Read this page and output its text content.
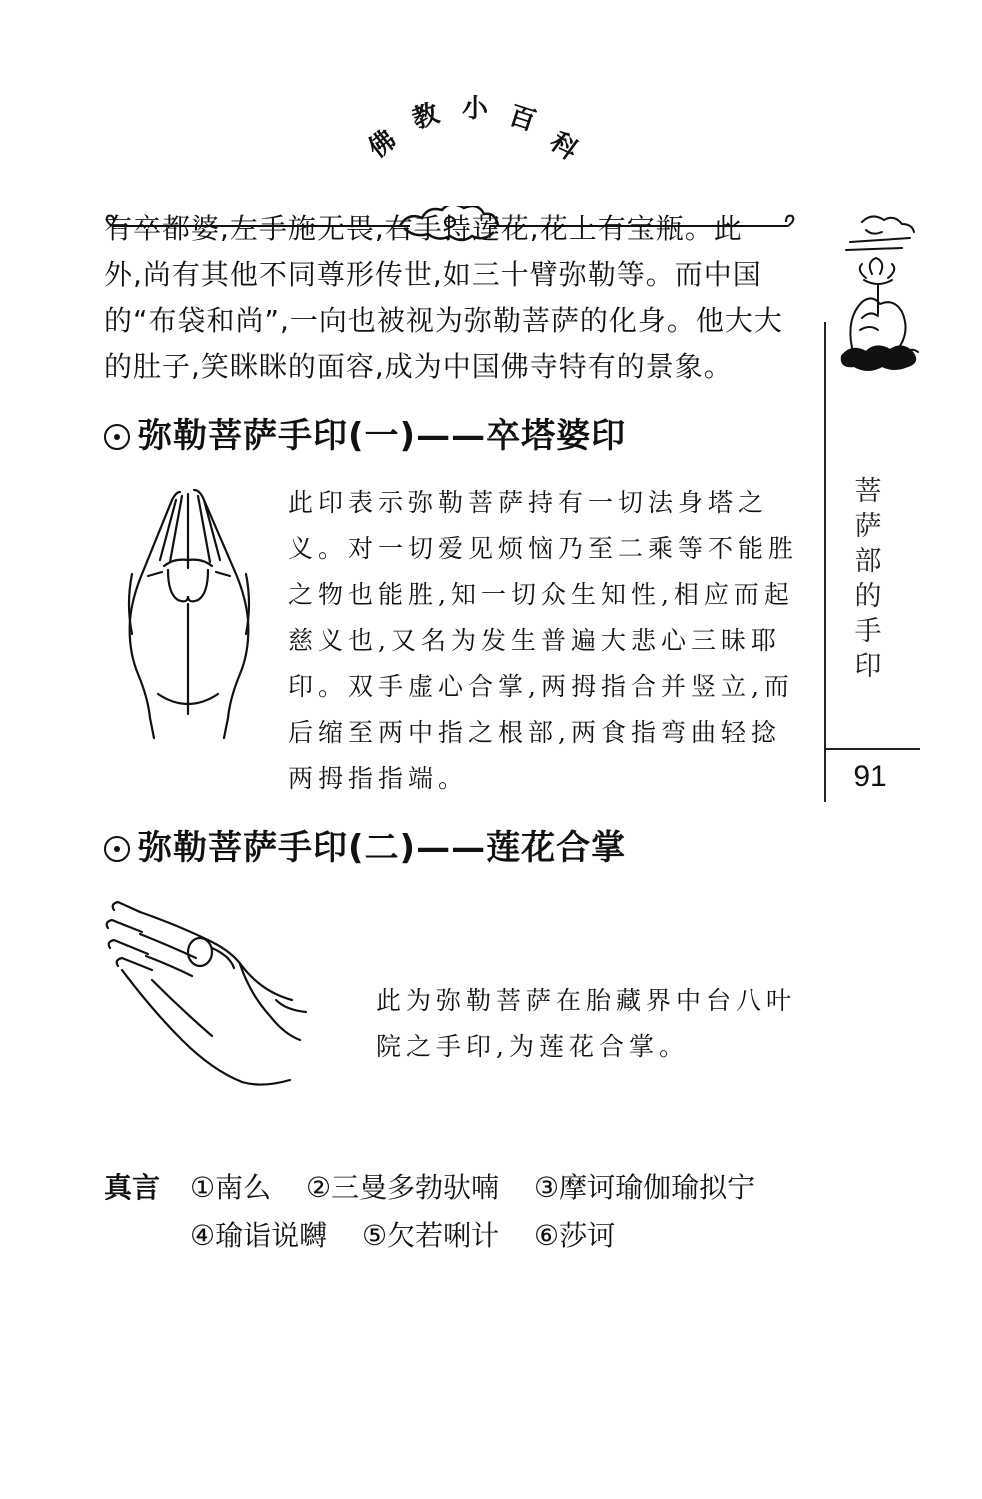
佛
教 小 百
科
有卒都婆,左手施无畏,右手持莲花,花上有宝瓶。此
外,尚有其他不同尊形传世,如三十臂弥勒等。而中国
的“布袋和尚”,一向也被视为弥勒菩萨的化身。他大大
的肚子,笑眯眯的面容,成为中国佛寺特有的景象。
弥勒菩萨手印(一)——卒塔婆印
此印表示弥勒菩萨持有一切法身塔之
义。对一切爱见烦恼乃至二乘等不能胜
之物也能胜,知一切众生知性,相应而起
慈义也,又名为发生普遍大悲心三昧耶
印。双手虚心合掌,两拇指合并竖立,而
后缩至两中指之根部,两食指弯曲轻捻
两拇指指端。
弥勒菩萨手印(二)——莲花合掌
此为弥勒菩萨在胎藏界中台八叶
院之手印,为莲花合掌。
真言 ①南么 ②三曼多勃驮喃 ③摩诃瑜伽瑜拟宁
④瑜诣说嚩 ⑤欠若唎计 ⑥莎诃
菩
萨
部
的
手
印
91
